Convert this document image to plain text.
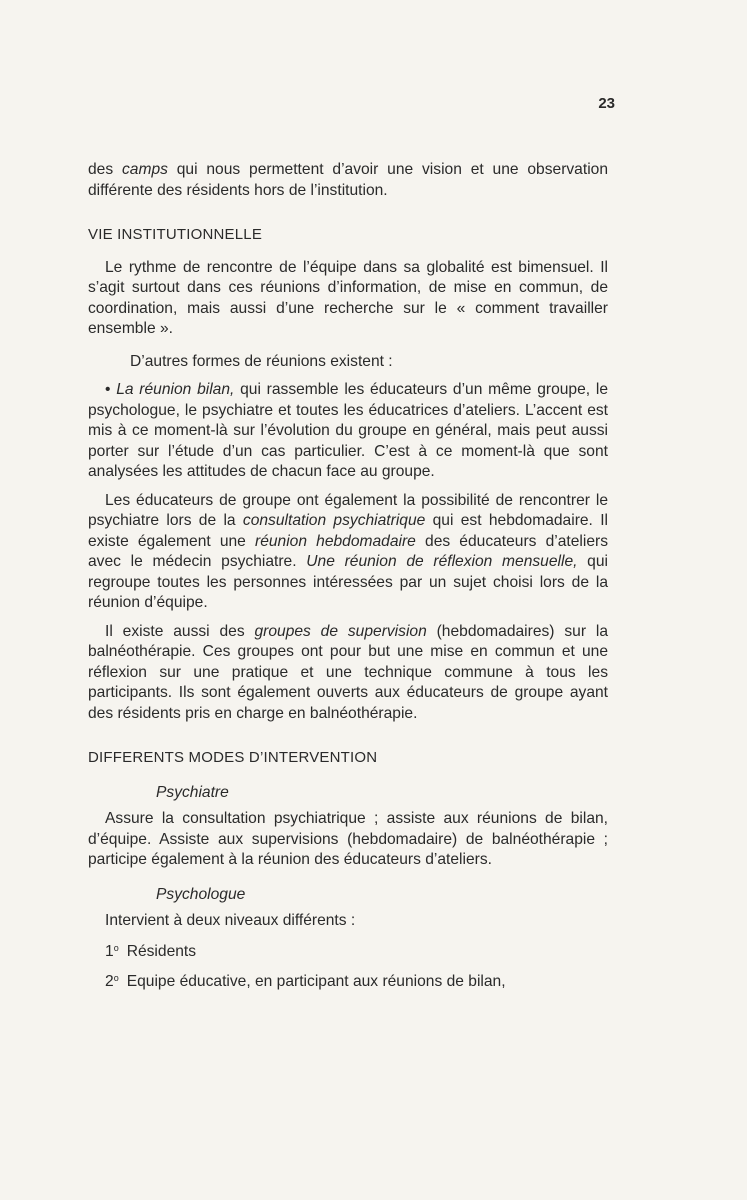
23

des camps qui nous permettent d’avoir une vision et une observation différente des résidents hors de l’institution.

VIE INSTITUTIONNELLE

Le rythme de rencontre de l’équipe dans sa globalité est bimensuel. Il s’agit surtout dans ces réunions d’information, de mise en commun, de coordination, mais aussi d’une recherche sur le « comment travailler ensemble ».

D’autres formes de réunions existent :

• La réunion bilan, qui rassemble les éducateurs d’un même groupe, le psychologue, le psychiatre et toutes les éducatrices d’ateliers. L’accent est mis à ce moment-là sur l’évolution du groupe en général, mais peut aussi porter sur l’étude d’un cas particulier. C’est à ce moment-là que sont analysées les attitudes de chacun face au groupe.

Les éducateurs de groupe ont également la possibilité de rencontrer le psychiatre lors de la consultation psychiatrique qui est hebdomadaire. Il existe également une réunion hebdomadaire des éducateurs d’ateliers avec le médecin psychiatre. Une réunion de réflexion mensuelle, qui regroupe toutes les personnes intéressées par un sujet choisi lors de la réunion d’équipe.

Il existe aussi des groupes de supervision (hebdomadaires) sur la balnéothérapie. Ces groupes ont pour but une mise en commun et une réflexion sur une pratique et une technique commune à tous les participants. Ils sont également ouverts aux éducateurs de groupe ayant des résidents pris en charge en balnéothérapie.

DIFFERENTS MODES D’INTERVENTION

Psychiatre

Assure la consultation psychiatrique ; assiste aux réunions de bilan, d’équipe. Assiste aux supervisions (hebdomadaire) de balnéothérapie ; participe également à la réunion des éducateurs d’ateliers.

Psychologue

Intervient à deux niveaux différents :

1$^o$ Résidents

2$^o$ Equipe éducative, en participant aux réunions de bilan,
